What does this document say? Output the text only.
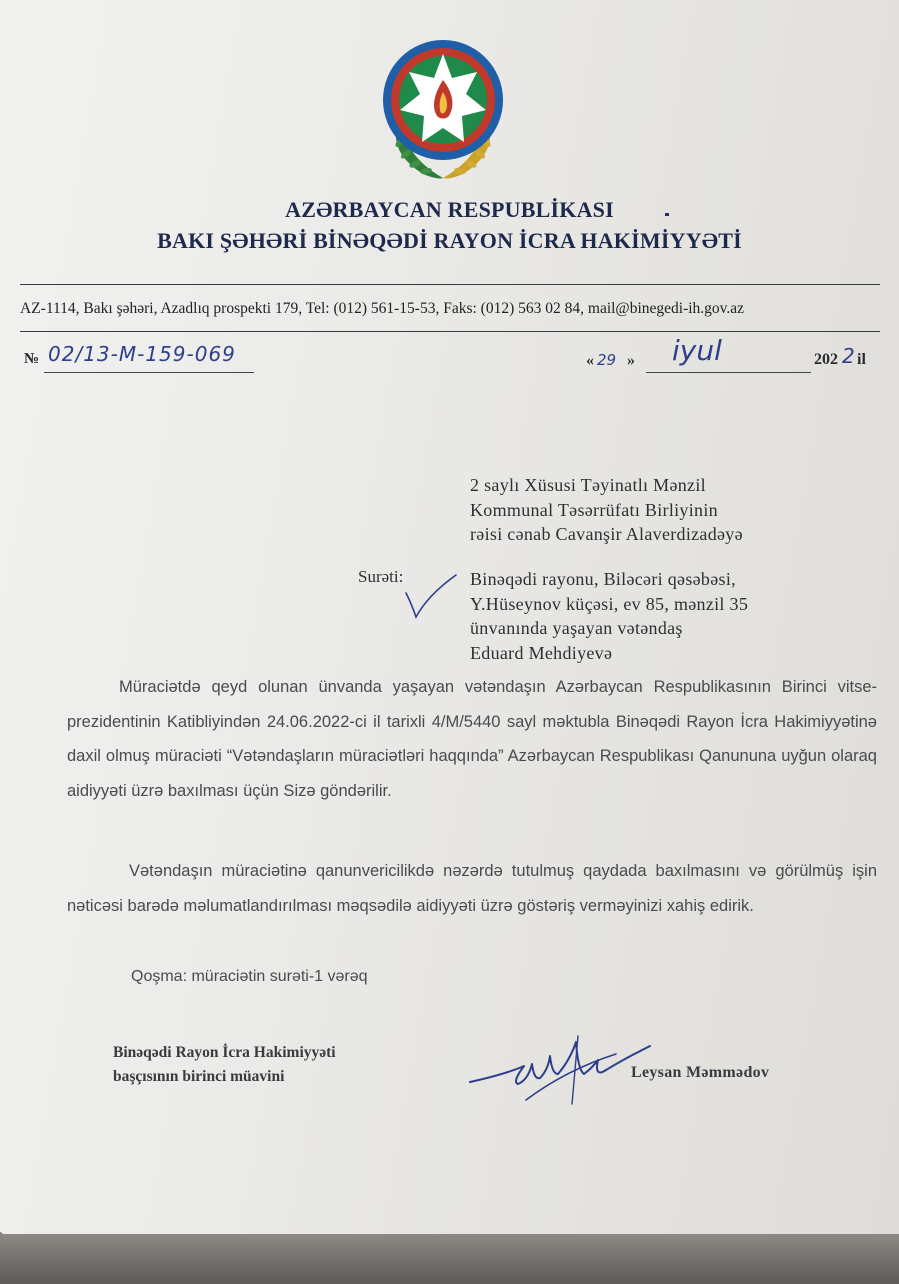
AZƏRBAYCAN RESPUBLİKASI
BAKI ŞƏHƏRİ BİNƏQƏDİ RAYON İCRA HAKİMİYYƏTİ
AZ-1114, Bakı şəhəri, Azadlıq prospekti 179, Tel: (012) 561-15-53, Faks: (012) 563 02 84, mail@binegedi-ih.gov.az
№ 02/13-M-159-069	« 29 » iyul	202 2 il
2 saylı Xüsusi Təyinatlı Mənzil
Kommunal Təsərrüfatı Birliyinin
rəisi cənab Cavanşir Alaverdizadəyə
Surəti:	Binəqədi rayonu, Biləcəri qəsəbəsi,
Y.Hüseynov küçəsi, ev 85, mənzil 35
ünvanında yaşayan vətəndaş
Eduard Mehdiyevə
Müraciətdə qeyd olunan ünvanda yaşayan vətəndaşın Azərbaycan Respublikasının Birinci vitse-prezidentinin Katibliyindən 24.06.2022-ci il tarixli 4/M/5440 sayl məktubla Binəqədi Rayon İcra Hakimiyyətinə daxil olmuş müraciəti “Vətəndaşların müraciətləri haqqında” Azərbaycan Respublikası Qanununa uyğun olaraq aidiyyəti üzrə baxılması üçün Sizə göndərilir.
Vətəndaşın müraciətinə qanunvericilikdə nəzərdə tutulmuş qaydada baxılmasını və görülmüş işin nəticəsi barədə məlumatlandırılması məqsədilə aidiyyəti üzrə göstəriş verməyinizi xahiş edirik.
Qoşma: müraciətin surəti-1 vərəq
Binəqədi Rayon İcra Hakimiyyəti
başçısının birinci müavini	Leysan Məmmədov
